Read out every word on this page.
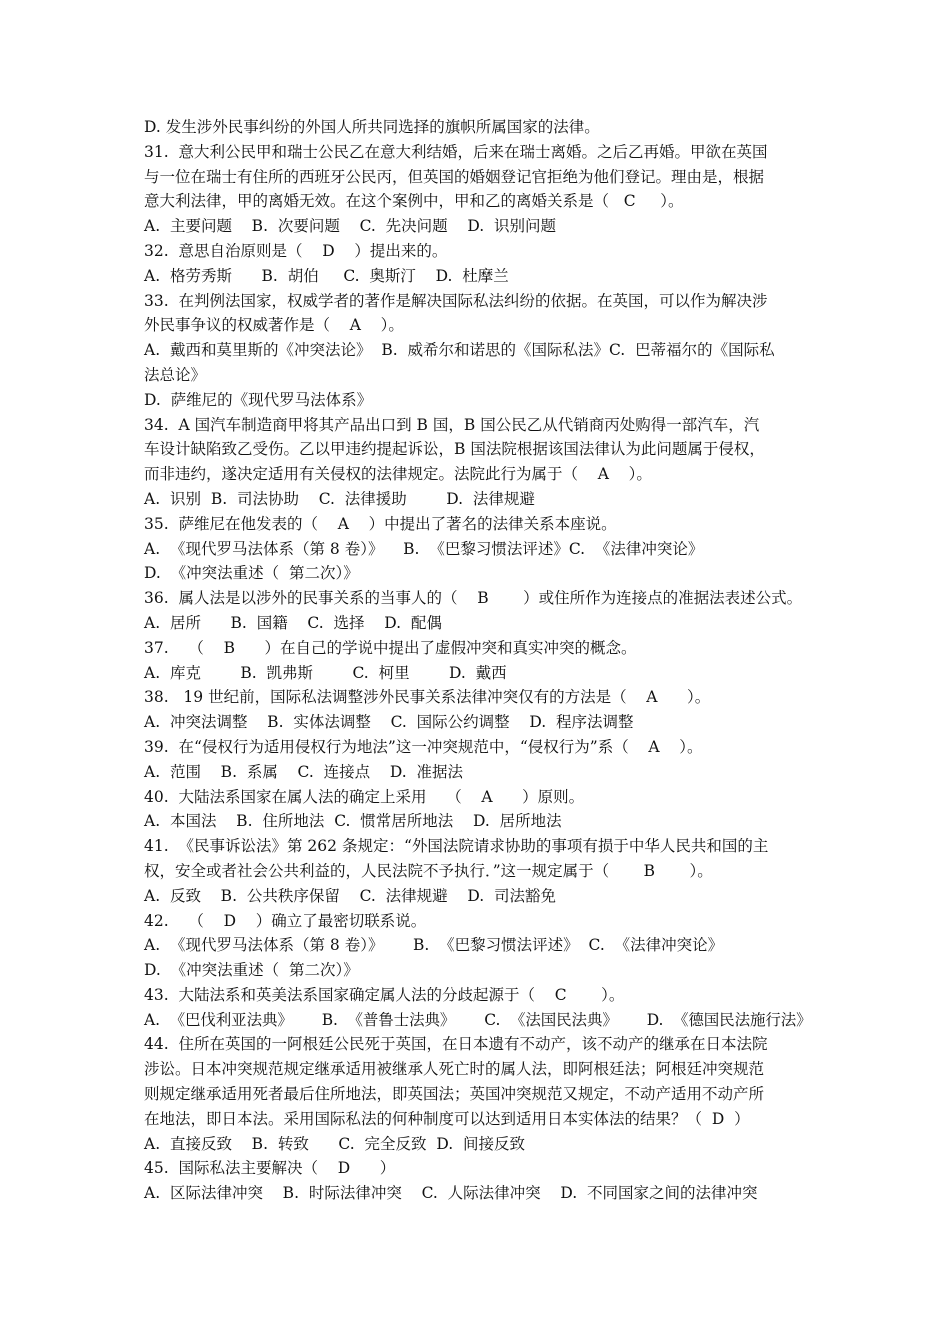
D. 发生涉外民事纠纷的外国人所共同选择的旗帜所属国家的法律。
31.  意大利公民甲和瑞士公民乙在意大利结婚，后来在瑞士离婚。之后乙再婚。甲欲在英国
与一位在瑞士有住所的西班牙公民丙，但英国的婚姻登记官拒绝为他们登记。理由是，根据
意大利法律，甲的离婚无效。在这个案例中，甲和乙的离婚关系是（   C     ）。
A.  主要问题    B.  次要问题    C.  先决问题    D.  识别问题
32.  意思自治原则是（    D    ）提出来的。
A.  格劳秀斯      B.  胡伯     C.  奥斯汀    D.  杜摩兰
33.  在判例法国家，权威学者的著作是解决国际私法纠纷的依据。在英国，可以作为解决涉
外民事争议的权威著作是（    A    ）。
A.  戴西和莫里斯的《冲突法论》  B.  威希尔和诺思的《国际私法》C.  巴蒂福尔的《国际私
法总论》
D.  萨维尼的《现代罗马法体系》
34.  A 国汽车制造商甲将其产品出口到 B 国，B 国公民乙从代销商丙处购得一部汽车，汽
车设计缺陷致乙受伤。乙以甲违约提起诉讼，B 国法院根据该国法律认为此问题属于侵权，
而非违约，遂决定适用有关侵权的法律规定。法院此行为属于（    A    ）。
A.  识别  B.  司法协助    C.  法律援助        D.  法律规避
35.  萨维尼在他发表的（    A    ）中提出了著名的法律关系本座说。
A.  《现代罗马法体系（第 8 卷）》    B.  《巴黎习惯法评述》C.  《法律冲突论》
D.  《冲突法重述（  第二次）》
36.  属人法是以涉外的民事关系的当事人的（    B       ）或住所作为连接点的准据法表述公式。
A.  居所      B.  国籍    C.  选择    D.  配偶
37.    （    B      ）在自己的学说中提出了虚假冲突和真实冲突的概念。
A.  库克        B.  凯弗斯        C.  柯里        D.  戴西
38.   19 世纪前，国际私法调整涉外民事关系法律冲突仅有的方法是（    A      ）。
A.  冲突法调整    B.  实体法调整    C.  国际公约调整    D.  程序法调整
39.  在“侵权行为适用侵权行为地法”这一冲突规范中，“侵权行为”系（    A    ）。
A.  范围    B.  系属    C.  连接点    D.  准据法
40.  大陆法系国家在属人法的确定上采用    （    A      ）原则。
A.  本国法    B.  住所地法  C.  惯常居所地法    D.  居所地法
41.  《民事诉讼法》第 262 条规定：“外国法院请求协助的事项有损于中华人民共和国的主
权，安全或者社会公共利益的，人民法院不予执行．”这一规定属于（       B       ）。
A.  反致    B.  公共秩序保留    C.  法律规避    D.  司法豁免
42.    （    D    ）确立了最密切联系说。
A.  《现代罗马法体系（第 8 卷）》      B.  《巴黎习惯法评述》  C.  《法律冲突论》
D.  《冲突法重述（  第二次）》
43.  大陆法系和英美法系国家确定属人法的分歧起源于（    C       ）。
A.  《巴伐利亚法典》      B.  《普鲁士法典》      C.  《法国民法典》      D.  《德国民法施行法》
44.  住所在英国的一阿根廷公民死于英国，在日本遗有不动产，该不动产的继承在日本法院
涉讼。日本冲突规范规定继承适用被继承人死亡时的属人法，即阿根廷法；阿根廷冲突规范
则规定继承适用死者最后住所地法，即英国法；英国冲突规范又规定，不动产适用不动产所
在地法，即日本法。采用国际私法的何种制度可以达到适用日本实体法的结果？（  D  ）
A.  直接反致    B.  转致      C.  完全反致  D.  间接反致
45.  国际私法主要解决（    D      ）
A.  区际法律冲突    B.  时际法律冲突    C.  人际法律冲突    D.  不同国家之间的法律冲突
